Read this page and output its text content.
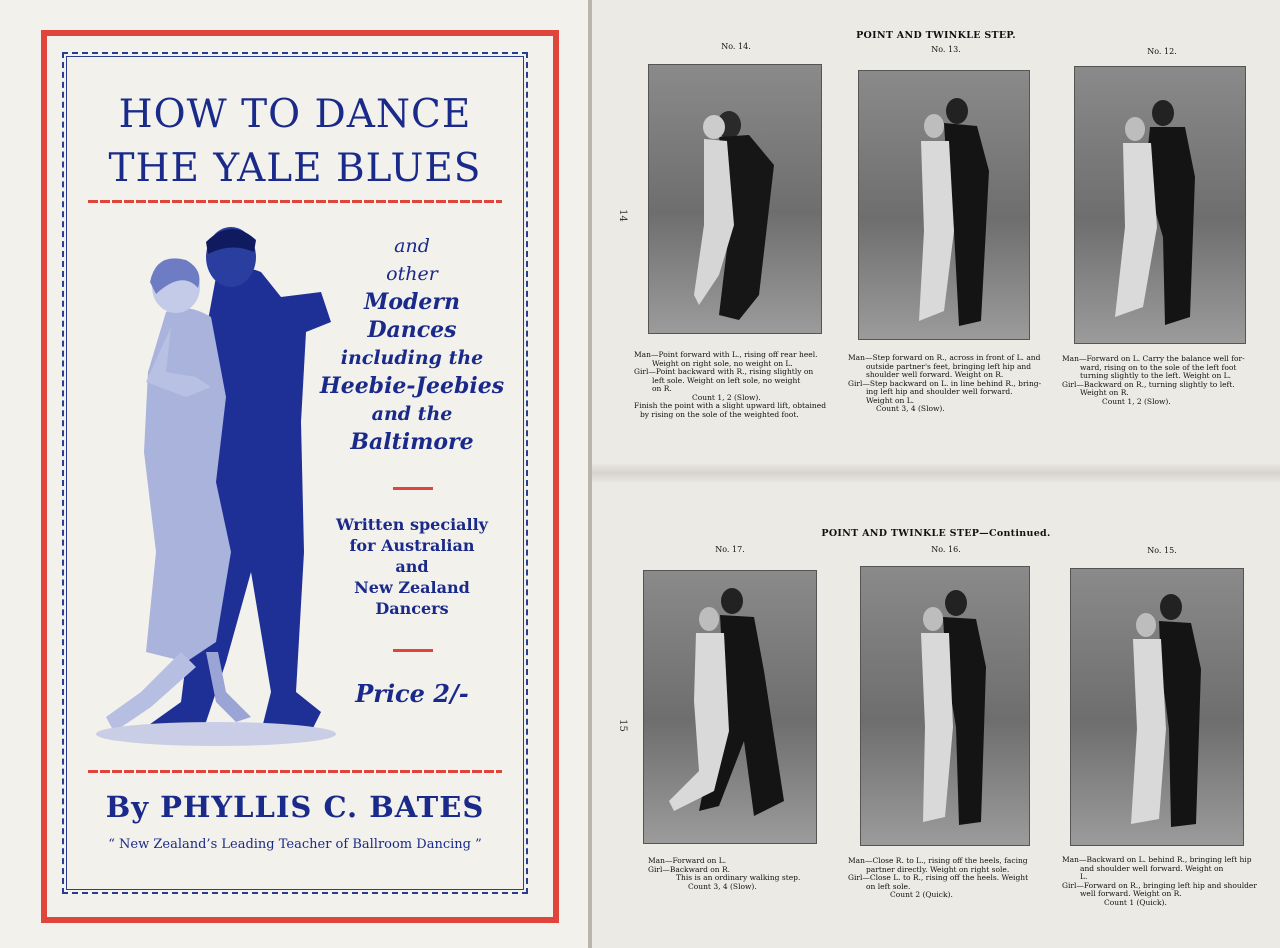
HOW TO DANCE
THE YALE BLUES
and
other
Modern
Dances
including the
Heebie-Jeebies
and the
Baltimore
Written specially
for Australian
and
New Zealand
Dancers
Price 2/-
By PHYLLIS C. BATES
“ New Zealand’s Leading Teacher of Ballroom Dancing ”
POINT AND TWINKLE STEP.
14
No. 14.	No. 13.	No. 12.
Man—Point forward with L., rising off rear heel.
Weight on right sole, no weight on L.
Girl—Point backward with R., rising slightly on
left sole. Weight on left sole, no weight
on R.
Count 1, 2 (Slow).
Finish the point with a slight upward lift, obtained
by rising on the sole of the weighted foot.
Man—Step forward on R., across in front of L. and
outside partner's feet, bringing left hip and
shoulder well forward. Weight on R.
Girl—Step backward on L. in line behind R., bring-
ing left hip and shoulder well forward.
Weight on L.
Count 3, 4 (Slow).
Man—Forward on L. Carry the balance well for-
ward, rising on to the sole of the left foot
turning slightly to the left. Weight on L.
Girl—Backward on R., turning slightly to left.
Weight on R.
Count 1, 2 (Slow).
POINT AND TWINKLE STEP—Continued.
15
No. 17.	No. 16.	No. 15.
Man—Forward on L.
Girl—Backward on R.
This is an ordinary walking step.
Count 3, 4 (Slow).
Man—Close R. to L., rising off the heels, facing
partner directly. Weight on right sole.
Girl—Close L. to R., rising off the heels. Weight
on left sole.
Count 2 (Quick).
Man—Backward on L. behind R., bringing left hip
and shoulder well forward. Weight on
L.
Girl—Forward on R., bringing left hip and shoulder
well forward. Weight on R.
Count 1 (Quick).
